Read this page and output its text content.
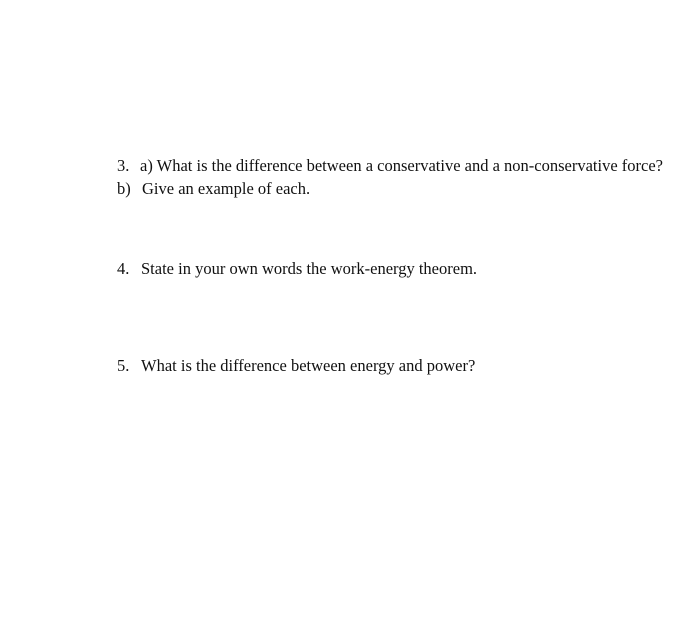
3. a) What is the difference between a conservative and a non-conservative force?
b) Give an example of each.
4. State in your own words the work-energy theorem.
5. What is the difference between energy and power?
